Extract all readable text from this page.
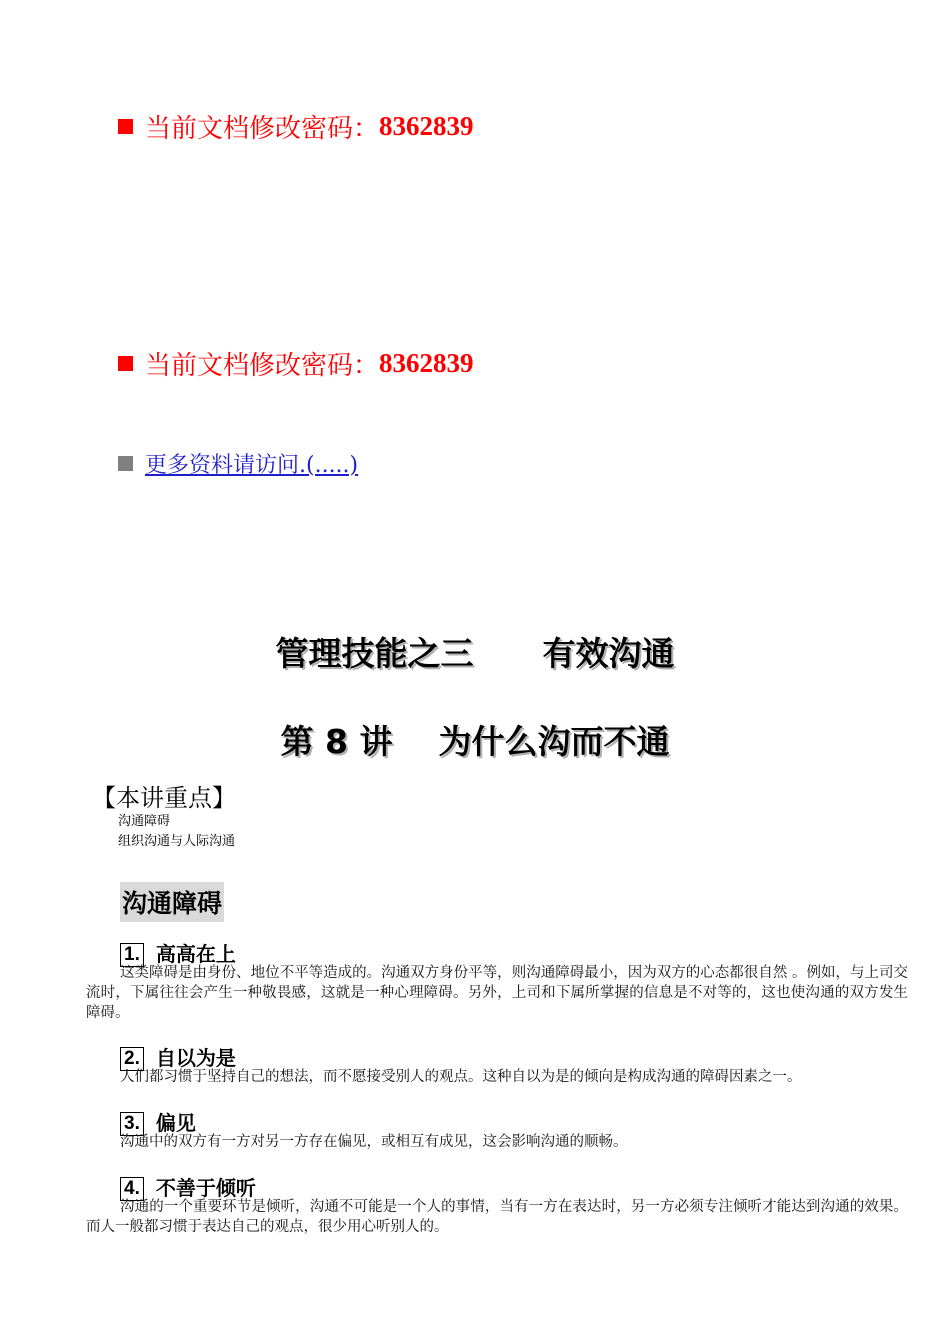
当前文档修改密码： 8362839
当前文档修改密码： 8362839
更多资料请访问.(.....)
管理技能之三      有效沟通
第 8 讲    为什么沟而不通
【本讲重点】
沟通障碍
组织沟通与人际沟通
沟通障碍
1. 高高在上
这类障碍是由身份、地位不平等造成的。沟通双方身份平等，则沟通障碍最小，因为双方的心态都很自然 。例如，与上司交流时，下属往往会产生一种敬畏感，这就是一种心理障碍。另外，上司和下属所掌握的信息是不对等的，这也使沟通的双方发生障碍。
2. 自以为是
人们都习惯于坚持自己的想法，而不愿接受别人的观点。这种自以为是的倾向是构成沟通的障碍因素之一。
3. 偏见
沟通中的双方有一方对另一方存在偏见，或相互有成见，这会影响沟通的顺畅。
4. 不善于倾听
沟通的一个重要环节是倾听，沟通不可能是一个人的事情，当有一方在表达时，另一方必须专注倾听才能达到沟通的效果。而人一般都习惯于表达自己的观点，很少用心听别人的。
